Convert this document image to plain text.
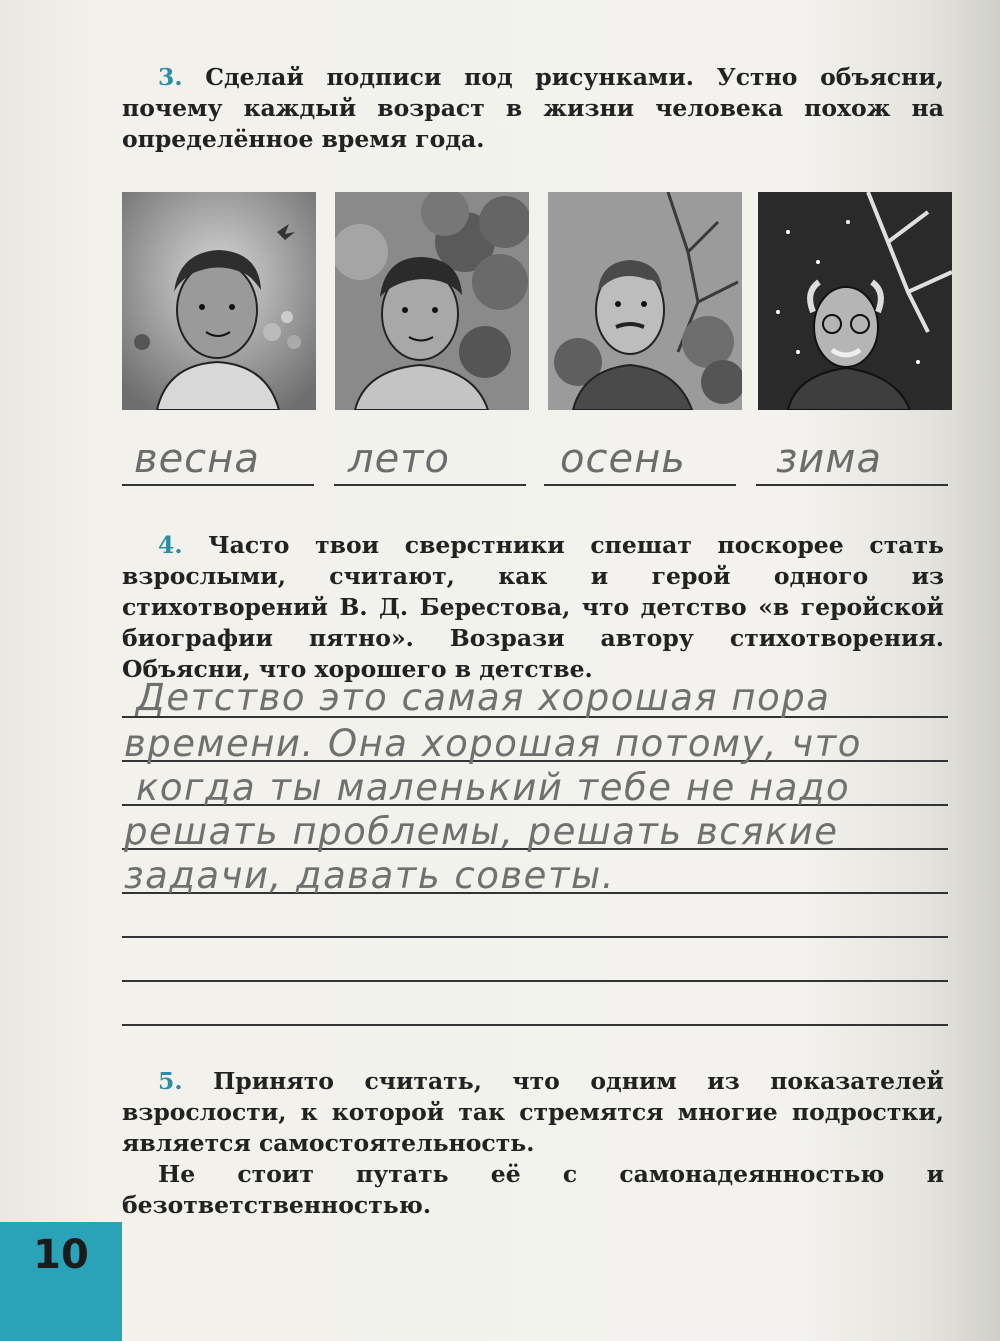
3. Сделай подписи под рисунками. Устно объясни, почему каждый возраст в жизни человека похож на определённое время года.
весна лето	осень зима
4. Часто твои сверстники спешат поскорее стать взрослыми, считают, как и герой одного из стихотворений В. Д. Берестова, что детство «в геройской биографии пятно». Возрази автору стихотворения. Объясни, что хорошего в детстве.
Детство это самая хорошая пора
времени. Она хорошая потому, что
когда ты маленький тебе не надо
решать проблемы, решать всякие
задачи, давать советы.
5. Принято считать, что одним из показателей взрослости, к которой так стремятся многие подростки, является самостоятельность.
Не стоит путать её с самонадеянностью и безответственностью.
10
